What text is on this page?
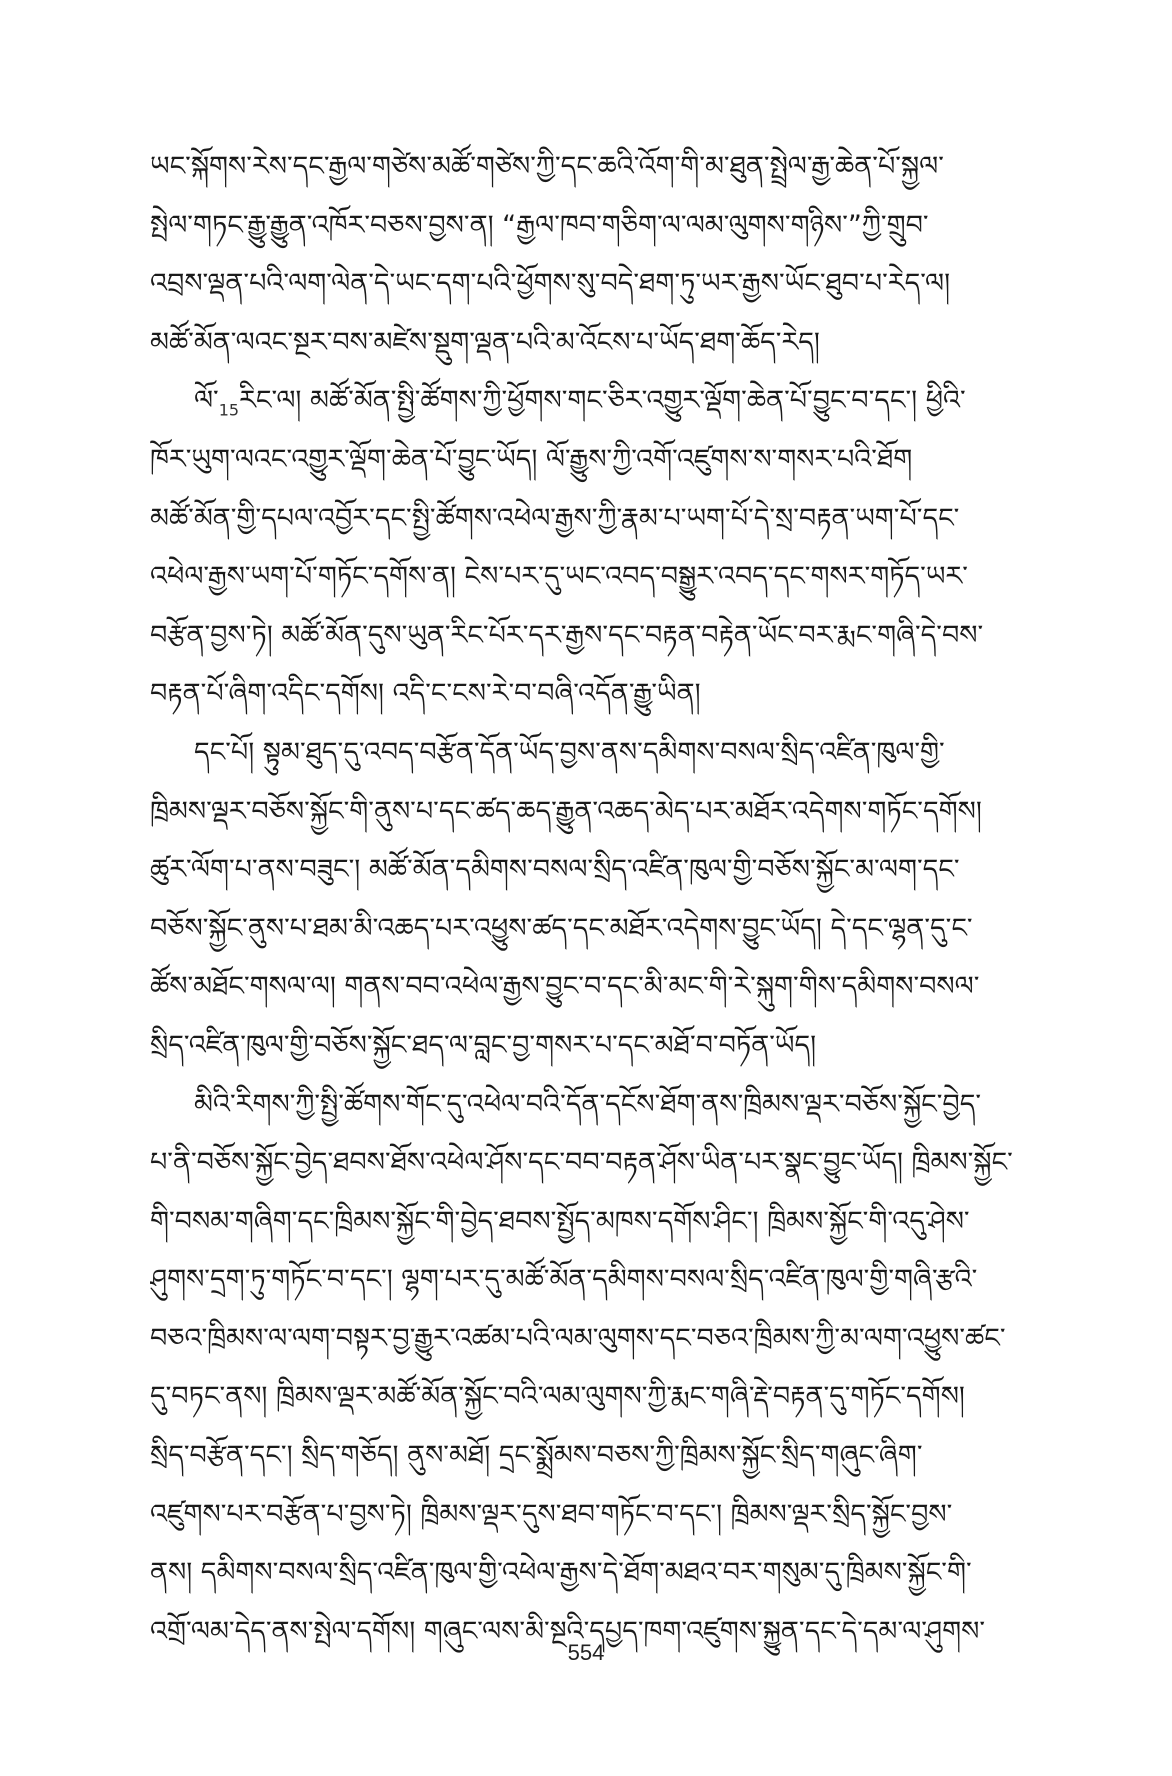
ཡང་སྐོགས་རེས་དང་རྒྱལ་གཙེས་མཚོ་གཙེས་ཀྱི་དང་ཆའི་འོག་གི་མ་ཐུན་སྤྲེལ་རྒྱ་ཆེན་པོ་སྐྱལ་
སྤེལ་གཏང་རྒྱུ་རྒྱུན་འཁོར་བཅས་བྱས་ན། “རྒྱལ་ཁབ་གཅིག་ལ་ལམ་ལུགས་གཉིས་”ཀྱི་གྲུབ་
འབྲས་ལྡན་པའི་ལག་ལེན་དེ་ཡང་དག་པའི་ཕྱོགས་སུ་བདེ་ཐག་ཏུ་ཡར་རྒྱས་ཡོང་ཐུབ་པ་རེད་ལ།
མཚོ་མོན་ལའང་སྔར་བས་མཛེས་སྡུག་ལྡན་པའི་མ་འོངས་པ་ཡོད་ཐག་ཆོད་རེད།
$ལོ་_{15}རིང་ལ།$ མཚོ་མོན་སྤྱི་ཚོགས་ཀྱི་ཕྱོགས་གང་ཅིར་འགྱུར་ལྡོག་ཆེན་པོ་བྱུང་བ་དང་། ཕྱིའི་
ཁོར་ཡུག་ལའང་འགྱུར་ལྡོག་ཆེན་པོ་བྱུང་ཡོད། ལོ་རྒྱུས་ཀྱི་འགོ་འཛུགས་ས་གསར་པའི་ཐོག
མཚོ་མོན་གྱི་དཔལ་འབྱོར་དང་སྤྱི་ཚོགས་འཕེལ་རྒྱས་ཀྱི་རྣམ་པ་ཡག་པོ་དེ་སྲ་བརྟན་ཡག་པོ་དང་
འཕེལ་རྒྱས་ཡག་པོ་གཏོང་དགོས་ན། ངེས་པར་དུ་ཡང་འབད་བསྒྱུར་འབད་དང་གསར་གཏོད་ཡར་
བརྩོན་བྱས་ཏེ། མཚོ་མོན་དུས་ཡུན་རིང་པོར་དར་རྒྱས་དང་བརྟན་བརྟེན་ཡོང་བར་རྨང་གཞི་དེ་བས་
བརྟན་པོ་ཞིག་འདིང་དགོས། འདི་ང་ངས་རེ་བ་བཞི་འདོན་རྒྱུ་ཡིན།
དང་པོ། སྟུམ་ཐུད་དུ་འབད་བརྩོན་དོན་ཡོད་བྱས་ནས་དམིགས་བསལ་སྲིད་འཛིན་ཁུལ་གྱི་
ཁྲིམས་ལྡར་བཅོས་སྐྱོང་གི་ནུས་པ་དང་ཚད་ཆད་རྒྱུན་འཆད་མེད་པར་མཐོར་འདེགས་གཏོང་དགོས།
ཚུར་ལོག་པ་ནས་བཟུང་། མཚོ་མོན་དམིགས་བསལ་སྲིད་འཛིན་ཁུལ་གྱི་བཅོས་སྐྱོང་མ་ལག་དང་
བཅོས་སྐྱོང་ནུས་པ་ཐམ་མི་འཆད་པར་འཕྱུས་ཚད་དང་མཐོར་འདེགས་བྱུང་ཡོད། དེ་དང་ལྷན་དུ་ང་
ཚོས་མཐོང་གསལ་ལ། གནས་བབ་འཕེལ་རྒྱས་བྱུང་བ་དང་མི་མང་གི་རེ་སྐུག་གིས་དམིགས་བསལ་
སྲིད་འཛིན་ཁུལ་གྱི་བཅོས་སྐྱོང་ཐད་ལ་བླང་བྱ་གསར་པ་དང་མཐོ་བ་བཏོན་ཡོད།
མིའི་རིགས་ཀྱི་སྤྱི་ཚོགས་གོང་དུ་འཕེལ་བའི་དོན་དངོས་ཐོག་ནས་ཁྲིམས་ལྡར་བཅོས་སྐྱོང་བྱེད་
པ་ནི་བཅོས་སྐྱོང་བྱེད་ཐབས་ཐོས་འཕེལ་ཤོས་དང་བབ་བརྟན་ཤོས་ཡིན་པར་སྣང་བྱུང་ཡོད། ཁྲིམས་སྐྱོང་
གི་བསམ་གཞིག་དང་ཁྲིམས་སྐྱོང་གི་བྱེད་ཐབས་སྤྱོད་མཁས་དགོས་ཤིང་། ཁྲིམས་སྐྱོང་གི་འདུ་ཤེས་
ཤུགས་དྲག་ཏུ་གཏོང་བ་དང་། ལྷག་པར་དུ་མཚོ་མོན་དམིགས་བསལ་སྲིད་འཛིན་ཁུལ་གྱི་གཞི་རྩའི་
བཅའ་ཁྲིམས་ལ་ལག་བསྟར་བྱ་རྒྱུར་འཚམ་པའི་ལམ་ལུགས་དང་བཅའ་ཁྲིམས་ཀྱི་མ་ལག་འཕྱུས་ཚང་
དུ་བཏང་ནས། ཁྲིམས་ལྡར་མཚོ་མོན་སྐྱོང་བའི་ལམ་ལུགས་ཀྱི་རྨང་གཞི་རྡེ་བརྟན་དུ་གཏོང་དགོས།
སྲིད་བརྩོན་དང་། སྲིད་གཅོད། ནུས་མཐོ། དྲང་སྨྲོམས་བཅས་ཀྱི་ཁྲིམས་སྐྱོང་སྲིད་གཞུང་ཞིག་
འཛུགས་པར་བརྩོན་པ་བྱས་ཏེ། ཁྲིམས་ལྡར་དུས་ཐབ་གཏོང་བ་དང་། ཁྲིམས་ལྡར་སྲིད་སྐྱོང་བྱས་
ནས། དམིགས་བསལ་སྲིད་འཛིན་ཁུལ་གྱི་འཕེལ་རྒྱས་དེ་ཐོག་མཐའ་བར་གསུམ་དུ་ཁྲིམས་སྐྱོང་གི་
འགྲོ་ལམ་དེད་ནས་སྤེལ་དགོས། གཞུང་ལས་མི་སྔའི་དཔྱད་ཁག་འཛུགས་སྐྱུན་དང་དེ་དམ་ལ་ཤུགས་
554
